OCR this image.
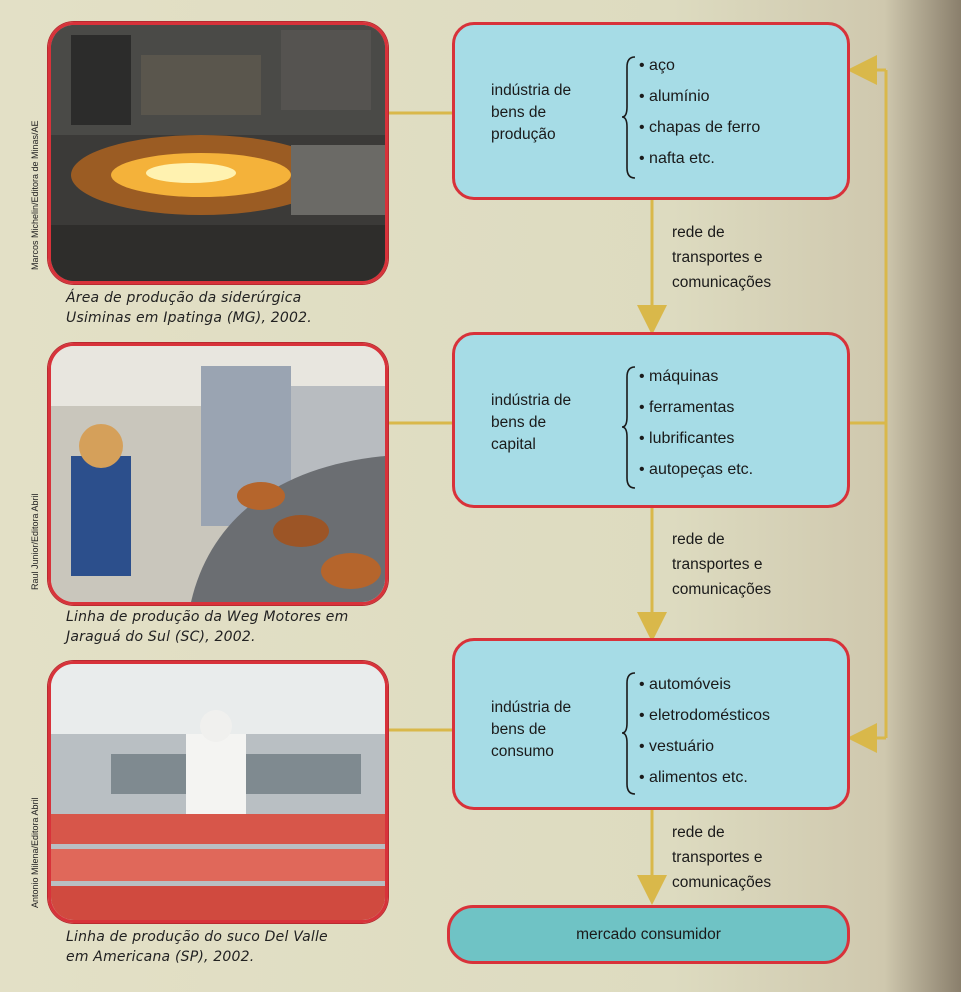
Marcos Michelin/Editora de Minas/AE
Área de produção da siderúrgica
Usiminas em Ipatinga (MG), 2002.
Raul Junior/Editora Abril
Linha de produção da Weg Motores em
Jaraguá do Sul (SC), 2002.
Antonio Milena/Editora Abril
Linha de produção do suco Del Valle
em Americana (SP), 2002.
indústria de
bens de
produção
• aço
• alumínio
• chapas de ferro
• nafta etc.
rede de
transportes e
comunicações
indústria de
bens de
capital
• máquinas
• ferramentas
• lubrificantes
• autopeças etc.
rede de
transportes e
comunicações
indústria de
bens de
consumo
• automóveis
• eletrodomésticos
• vestuário
• alimentos etc.
rede de
transportes e
comunicações
mercado consumidor
